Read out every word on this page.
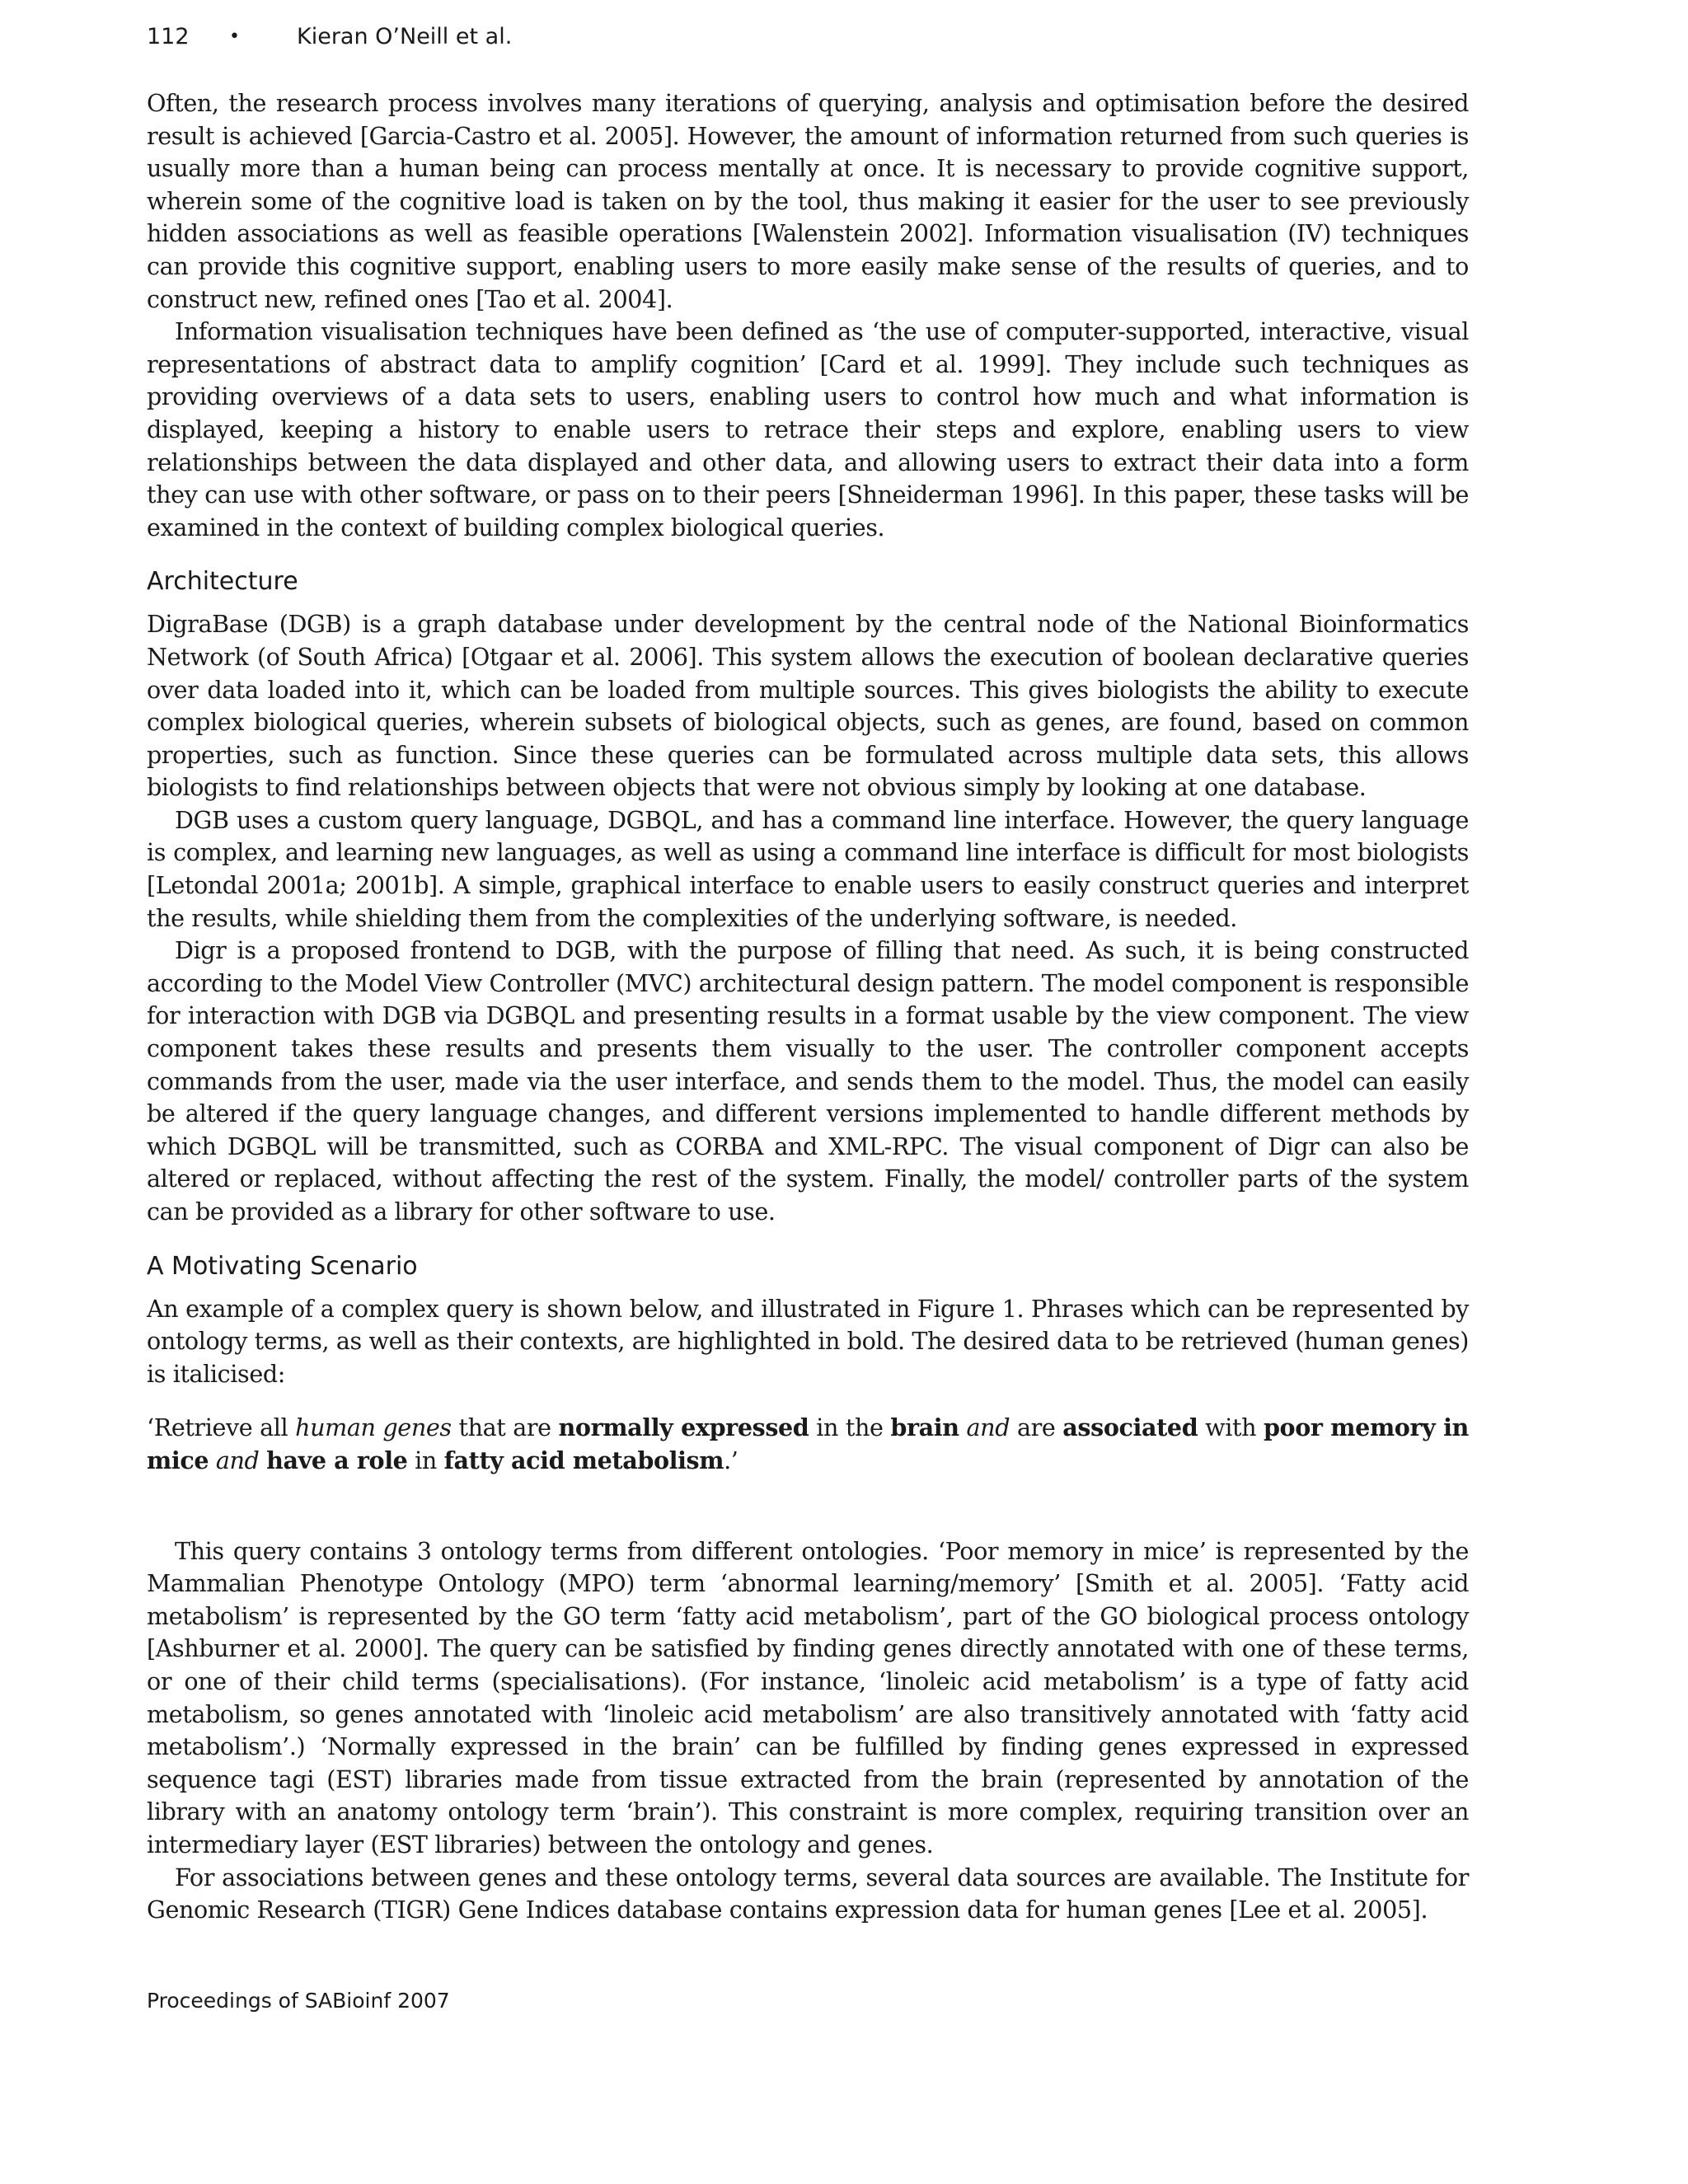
112	•	Kieran O’Neill et al.

Often, the research process involves many iterations of querying, analysis and optimisation before the desired result is achieved [Garcia-Castro et al. 2005]. However, the amount of information returned from such queries is usually more than a human being can process mentally at once. It is necessary to provide cognitive support, wherein some of the cognitive load is taken on by the tool, thus making it easier for the user to see previously hidden associations as well as feasible operations [Walenstein 2002]. Information visualisation (IV) techniques can provide this cognitive support, enabling users to more easily make sense of the results of queries, and to construct new, refined ones [Tao et al. 2004].

Information visualisation techniques have been defined as ‘the use of computer-supported, interactive, visual representations of abstract data to amplify cognition’ [Card et al. 1999]. They include such techniques as providing overviews of a data sets to users, enabling users to control how much and what information is displayed, keeping a history to enable users to retrace their steps and explore, enabling users to view relationships between the data displayed and other data, and allowing users to extract their data into a form they can use with other software, or pass on to their peers [Shneiderman 1996]. In this paper, these tasks will be examined in the context of building complex biological queries.

Architecture

DigraBase (DGB) is a graph database under development by the central node of the National Bioinformatics Network (of South Africa) [Otgaar et al. 2006]. This system allows the execution of boolean declarative queries over data loaded into it, which can be loaded from multiple sources. This gives biologists the ability to execute complex biological queries, wherein subsets of biological objects, such as genes, are found, based on common properties, such as function. Since these queries can be formulated across multiple data sets, this allows biologists to find relationships between objects that were not obvious simply by looking at one database.

DGB uses a custom query language, DGBQL, and has a command line interface. However, the query language is complex, and learning new languages, as well as using a command line interface is difficult for most biologists [Letondal 2001a; 2001b]. A simple, graphical interface to enable users to easily construct queries and interpret the results, while shielding them from the complexities of the underlying software, is needed.

Digr is a proposed frontend to DGB, with the purpose of filling that need. As such, it is being constructed according to the Model View Controller (MVC) architectural design pattern. The model component is responsible for interaction with DGB via DGBQL and presenting results in a format usable by the view component. The view component takes these results and presents them visually to the user. The controller component accepts commands from the user, made via the user interface, and sends them to the model. Thus, the model can easily be altered if the query language changes, and different versions implemented to handle different methods by which DGBQL will be transmitted, such as CORBA and XML-RPC. The visual component of Digr can also be altered or replaced, without affecting the rest of the system. Finally, the model/ controller parts of the system can be provided as a library for other software to use.

A Motivating Scenario

An example of a complex query is shown below, and illustrated in Figure 1. Phrases which can be represented by ontology terms, as well as their contexts, are highlighted in bold. The desired data to be retrieved (human genes) is italicised:

‘Retrieve all human genes that are normally expressed in the brain and are associated with poor memory in mice and have a role in fatty acid metabolism.’

This query contains 3 ontology terms from different ontologies. ‘Poor memory in mice’ is represented by the Mammalian Phenotype Ontology (MPO) term ‘abnormal learning/memory’ [Smith et al. 2005]. ‘Fatty acid metabolism’ is represented by the GO term ‘fatty acid metabolism’, part of the GO biological process ontology [Ashburner et al. 2000]. The query can be satisfied by finding genes directly annotated with one of these terms, or one of their child terms (specialisations). (For instance, ‘linoleic acid metabolism’ is a type of fatty acid metabolism, so genes annotated with ‘linoleic acid metabolism’ are also transitively annotated with ‘fatty acid metabolism’.) ‘Normally expressed in the brain’ can be fulfilled by finding genes expressed in expressed sequence tagi (EST) libraries made from tissue extracted from the brain (represented by annotation of the library with an anatomy ontology term ‘brain’). This constraint is more complex, requiring transition over an intermediary layer (EST libraries) between the ontology and genes.

For associations between genes and these ontology terms, several data sources are available. The Institute for Genomic Research (TIGR) Gene Indices database contains expression data for human genes [Lee et al. 2005].

Proceedings of SABioinf 2007
